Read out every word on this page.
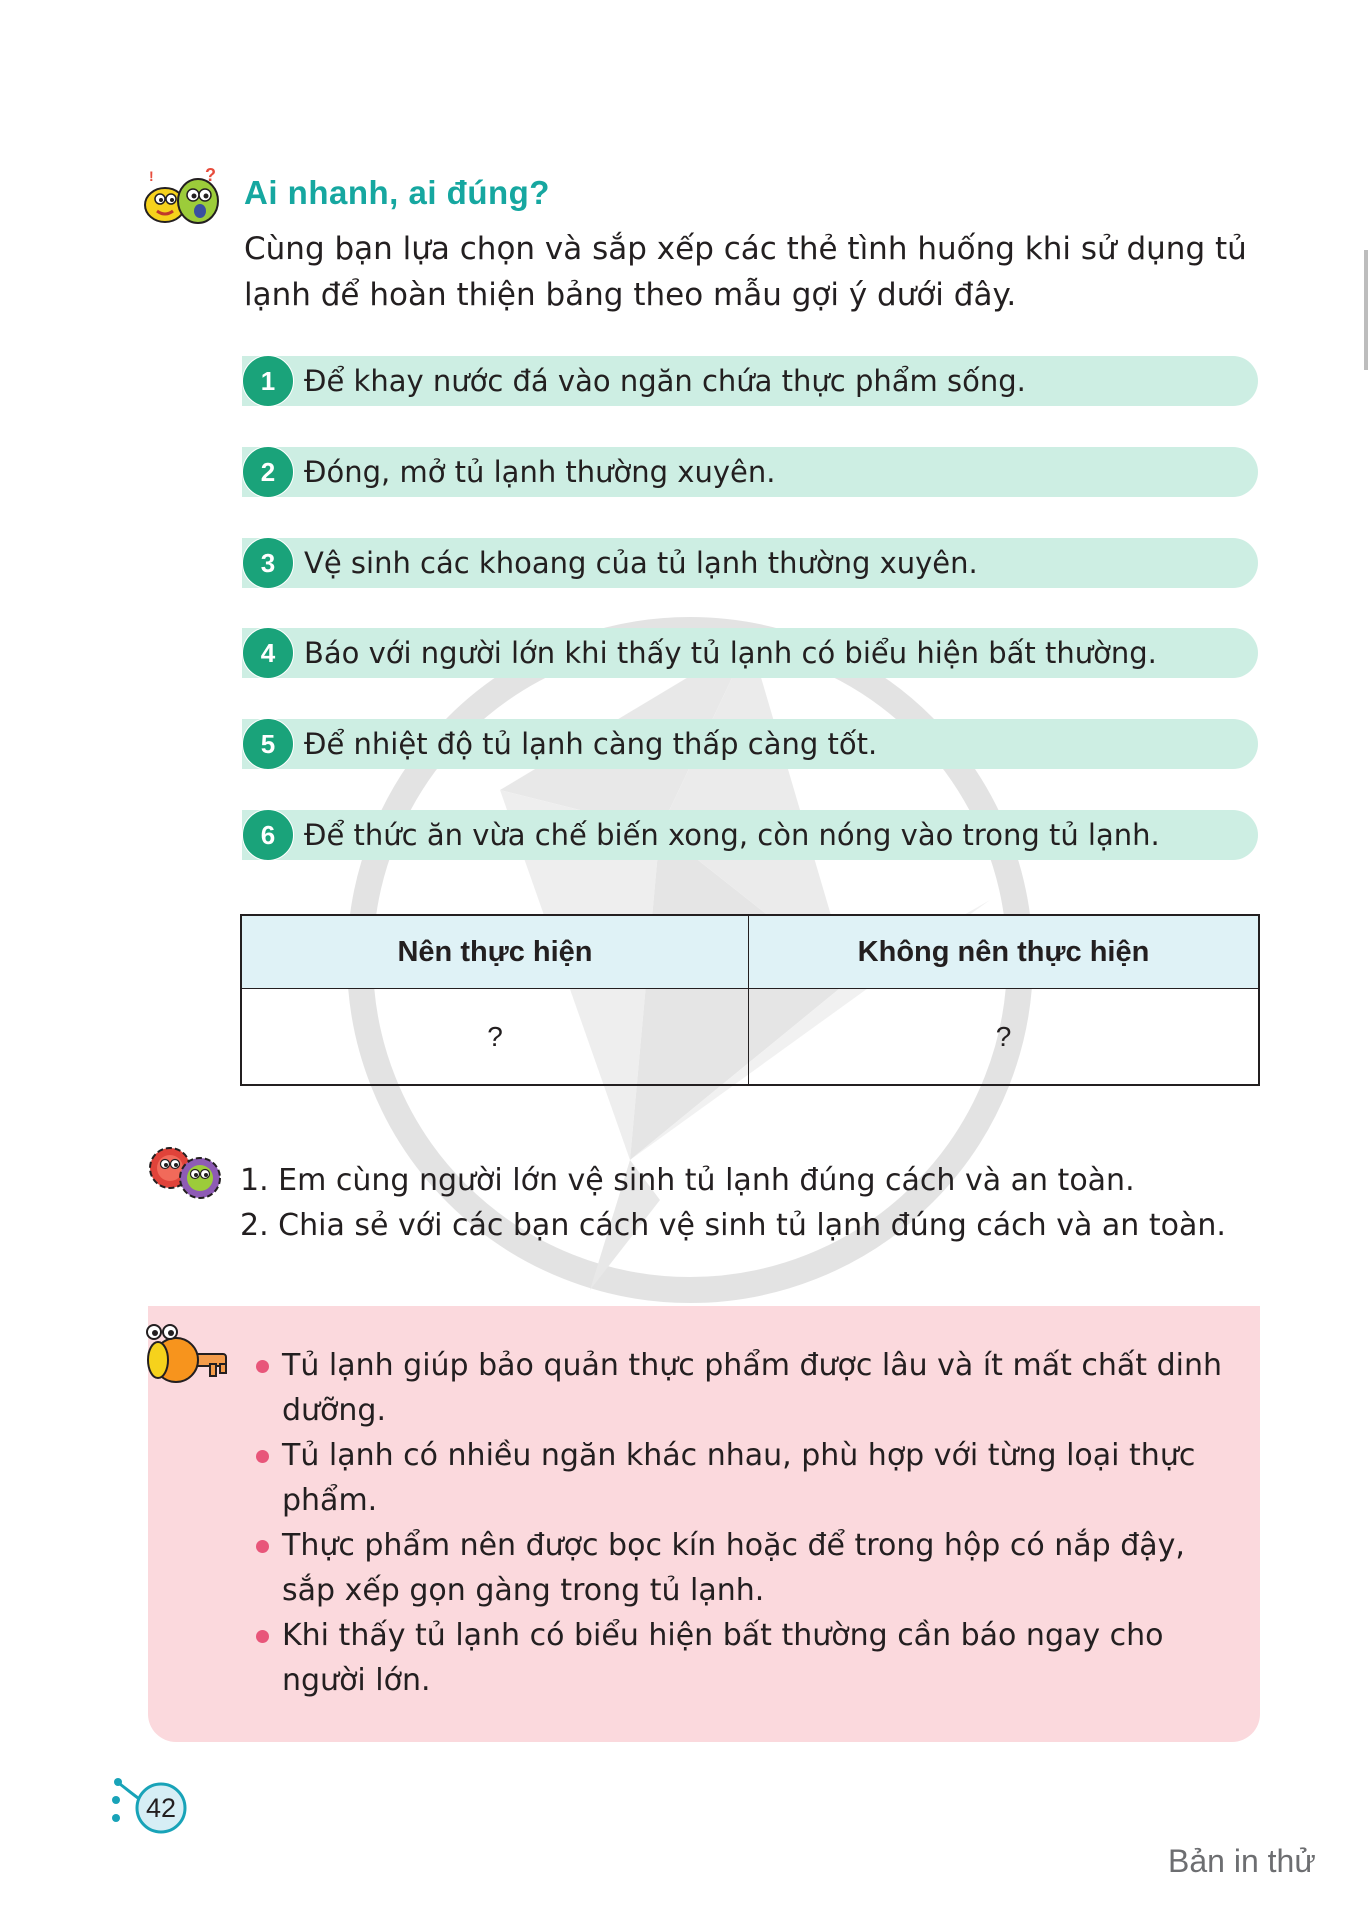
?
!	Ai nhanh, ai đúng?
Cùng bạn lựa chọn và sắp xếp các thẻ tình huống khi sử dụng tủ lạnh để hoàn thiện bảng theo mẫu gợi ý dưới đây.
1 Để khay nước đá vào ngăn chứa thực phẩm sống.
2 Đóng, mở tủ lạnh thường xuyên.
3 Vệ sinh các khoang của tủ lạnh thường xuyên.
4 Báo với người lớn khi thấy tủ lạnh có biểu hiện bất thường.
5 Để nhiệt độ tủ lạnh càng thấp càng tốt.
6 Để thức ăn vừa chế biến xong, còn nóng vào trong tủ lạnh.
Nên thực hiện	Không nên thực hiện
?	?
1. Em cùng người lớn vệ sinh tủ lạnh đúng cách và an toàn.
2. Chia sẻ với các bạn cách vệ sinh tủ lạnh đúng cách và an toàn.
Tủ lạnh giúp bảo quản thực phẩm được lâu và ít mất chất dinh dưỡng.
Tủ lạnh có nhiều ngăn khác nhau, phù hợp với từng loại thực phẩm.
Thực phẩm nên được bọc kín hoặc để trong hộp có nắp đậy, sắp xếp gọn gàng trong tủ lạnh.
Khi thấy tủ lạnh có biểu hiện bất thường cần báo ngay cho người lớn.
42
Bản in thử
